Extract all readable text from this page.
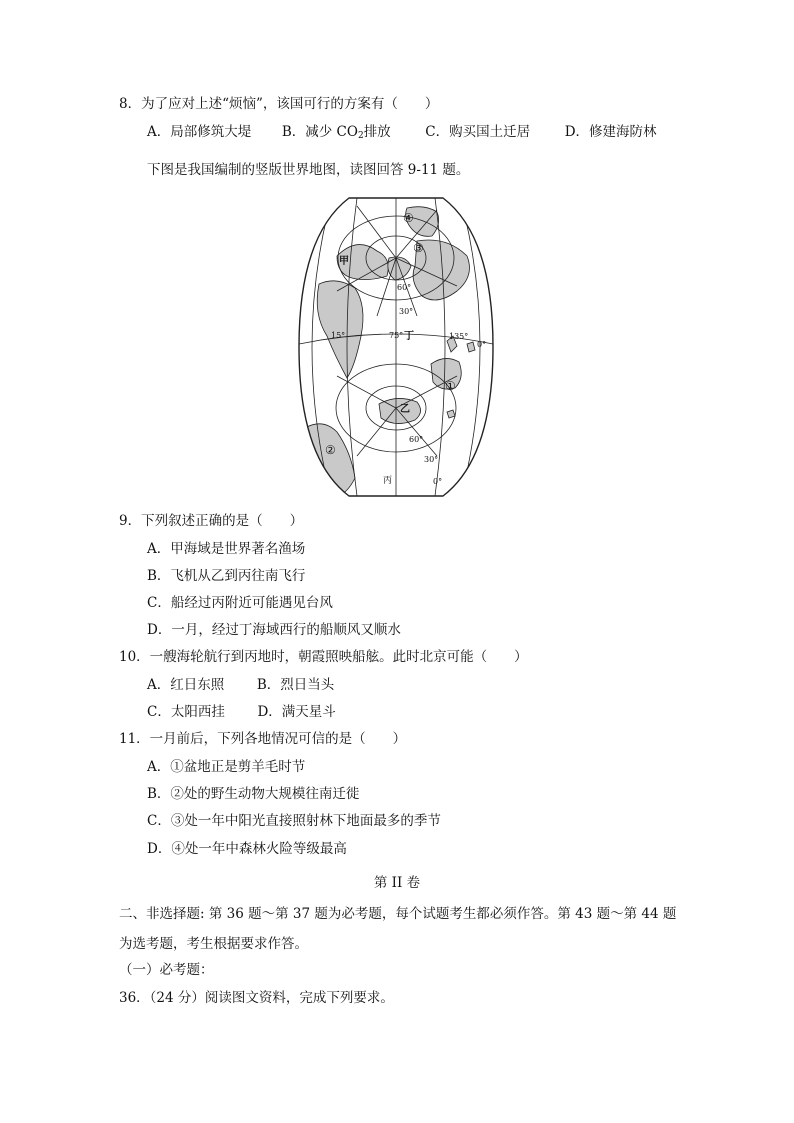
8．为了应对上述“烦恼”，该国可行的方案有（　　）
A．局部修筑大堤 B．减少 $CO_2$排放	C．购买国土迁居	D．修建海防林
下图是我国编制的竖版世界地图，读图回答 9-11 题。
甲
乙
丙
丁
①
②
③
④
60°
30°
15°	75°	135°
0°
60°
30°
0°
9．下列叙述正确的是（　　）
A．甲海域是世界著名渔场
B．飞机从乙到丙往南飞行
C．船经过丙附近可能遇见台风
D．一月，经过丁海域西行的船顺风又顺水
10．一艘海轮航行到丙地时，朝霞照映船舷。此时北京可能（　　）
A．红日东照 B．烈日当头
C．太阳西挂 D．满天星斗
11．一月前后，下列各地情况可信的是（　　）
A．①盆地正是剪羊毛时节
B．②处的野生动物大规模往南迁徙
C．③处一年中阳光直接照射林下地面最多的季节
D．④处一年中森林火险等级最高
第 II 卷
二、非选择题: 第 36 题～第 37 题为必考题，每个试题考生都必须作答。第 43 题～第 44 题
为选考题，考生根据要求作答。
（一）必考题：
36．（24 分）阅读图文资料，完成下列要求。
